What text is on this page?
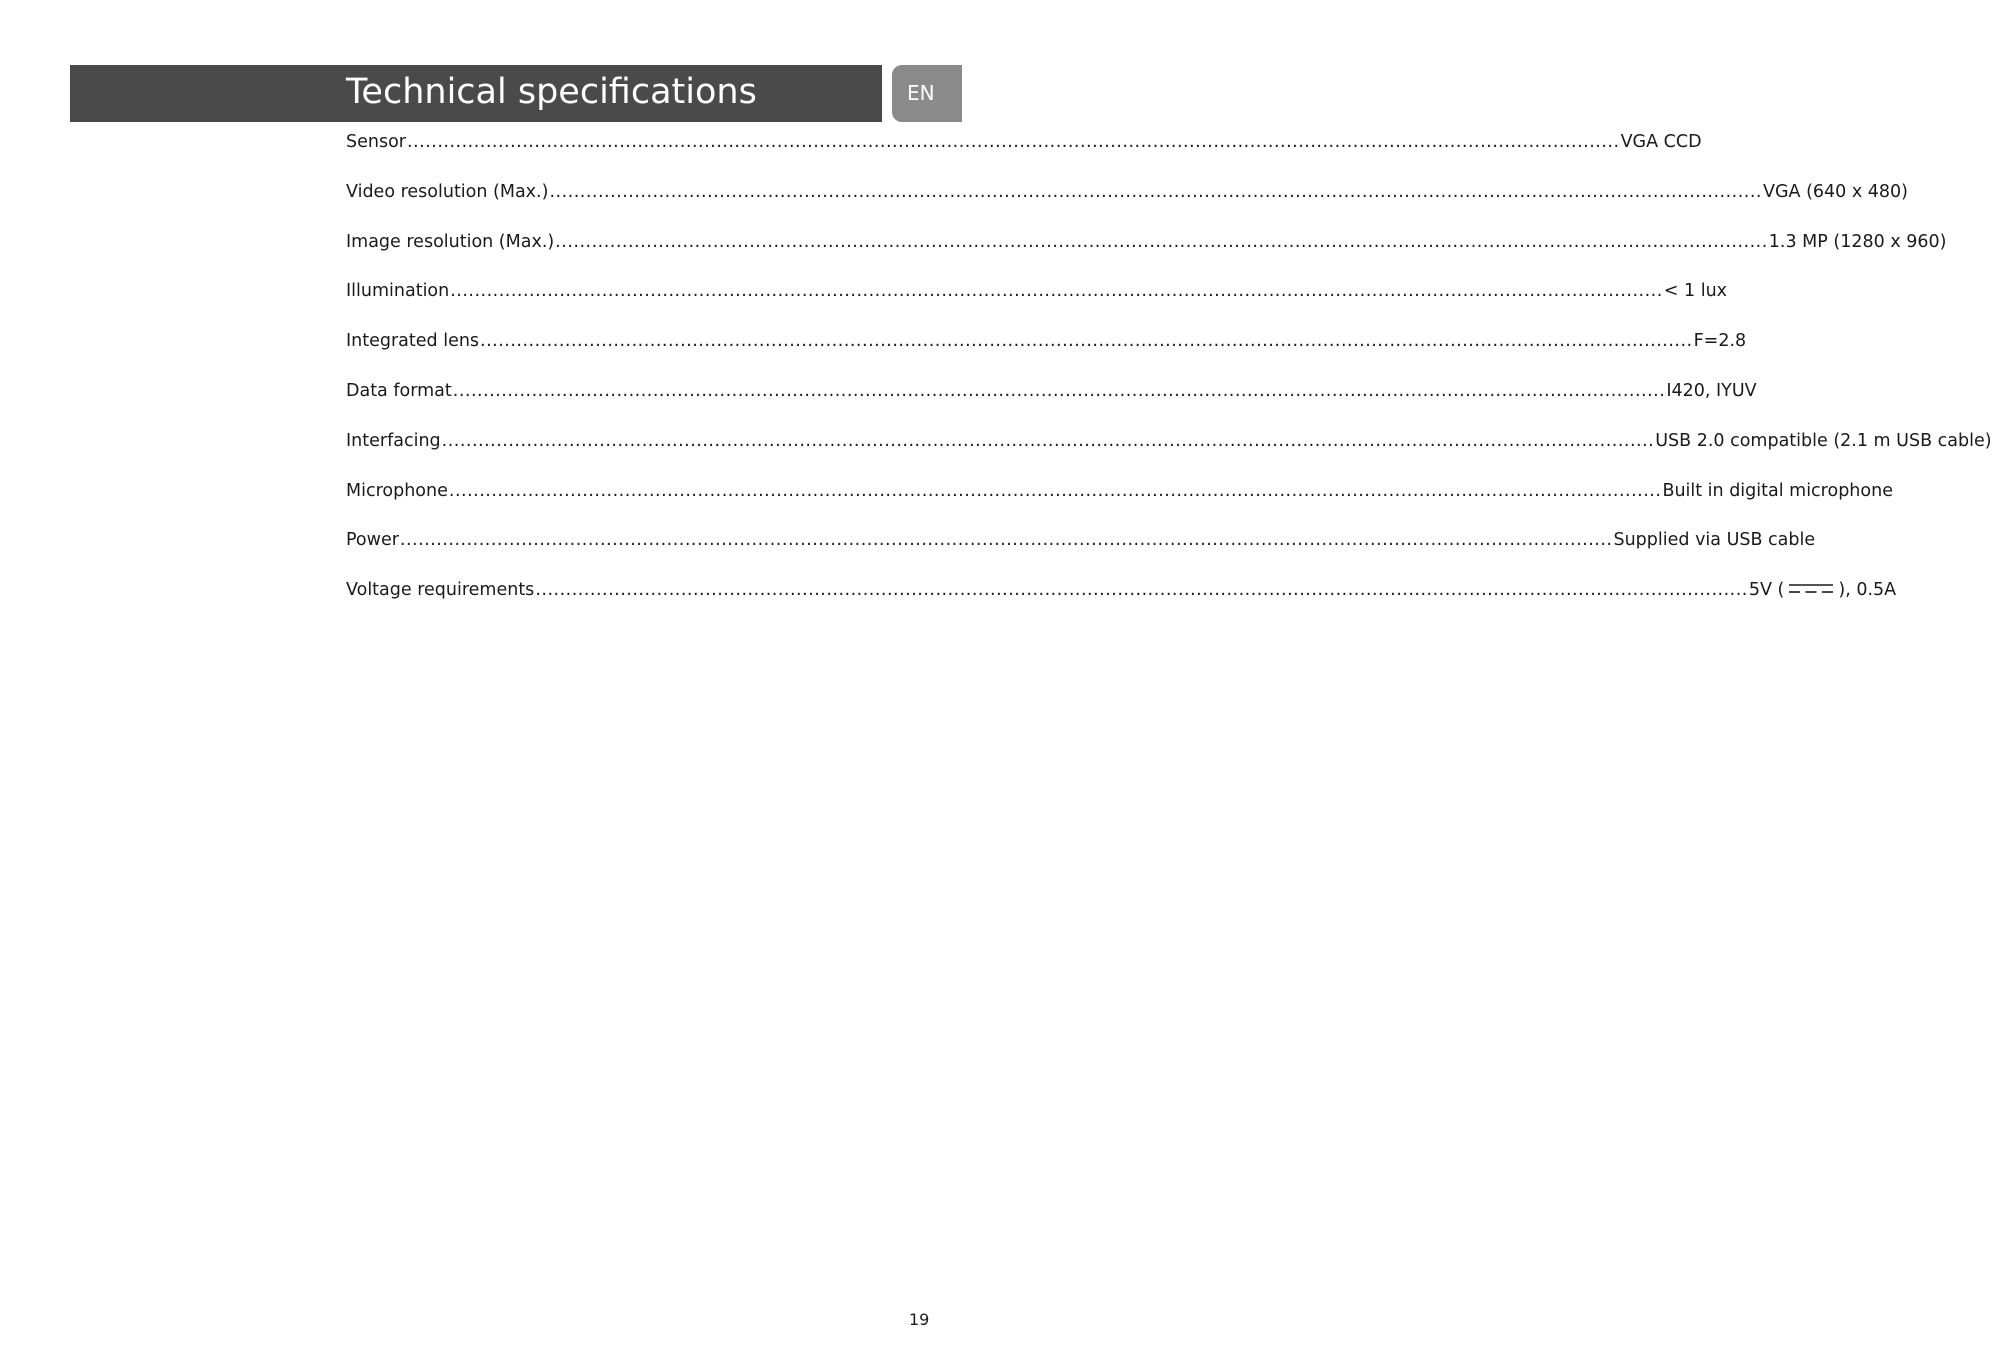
Technical specifications	EN
Sensor ........................................................................................................................................................................................................ VGA CCD
Video resolution (Max.) ........................................................................................................................................................................................................ VGA (640 x 480)
Image resolution (Max.) ........................................................................................................................................................................................................ 1.3 MP (1280 x 960)
Illumination ........................................................................................................................................................................................................ < 1 lux
Integrated lens ........................................................................................................................................................................................................ F=2.8
Data format ........................................................................................................................................................................................................ I420, IYUV
Interfacing ........................................................................................................................................................................................................ USB 2.0 compatible (2.1 m USB cable)
Microphone ........................................................................................................................................................................................................ Built in digital microphone
Power ........................................................................................................................................................................................................ Supplied via USB cable
Voltage requirements ........................................................................................................................................................................................................ 5V (	), 0.5A
19
